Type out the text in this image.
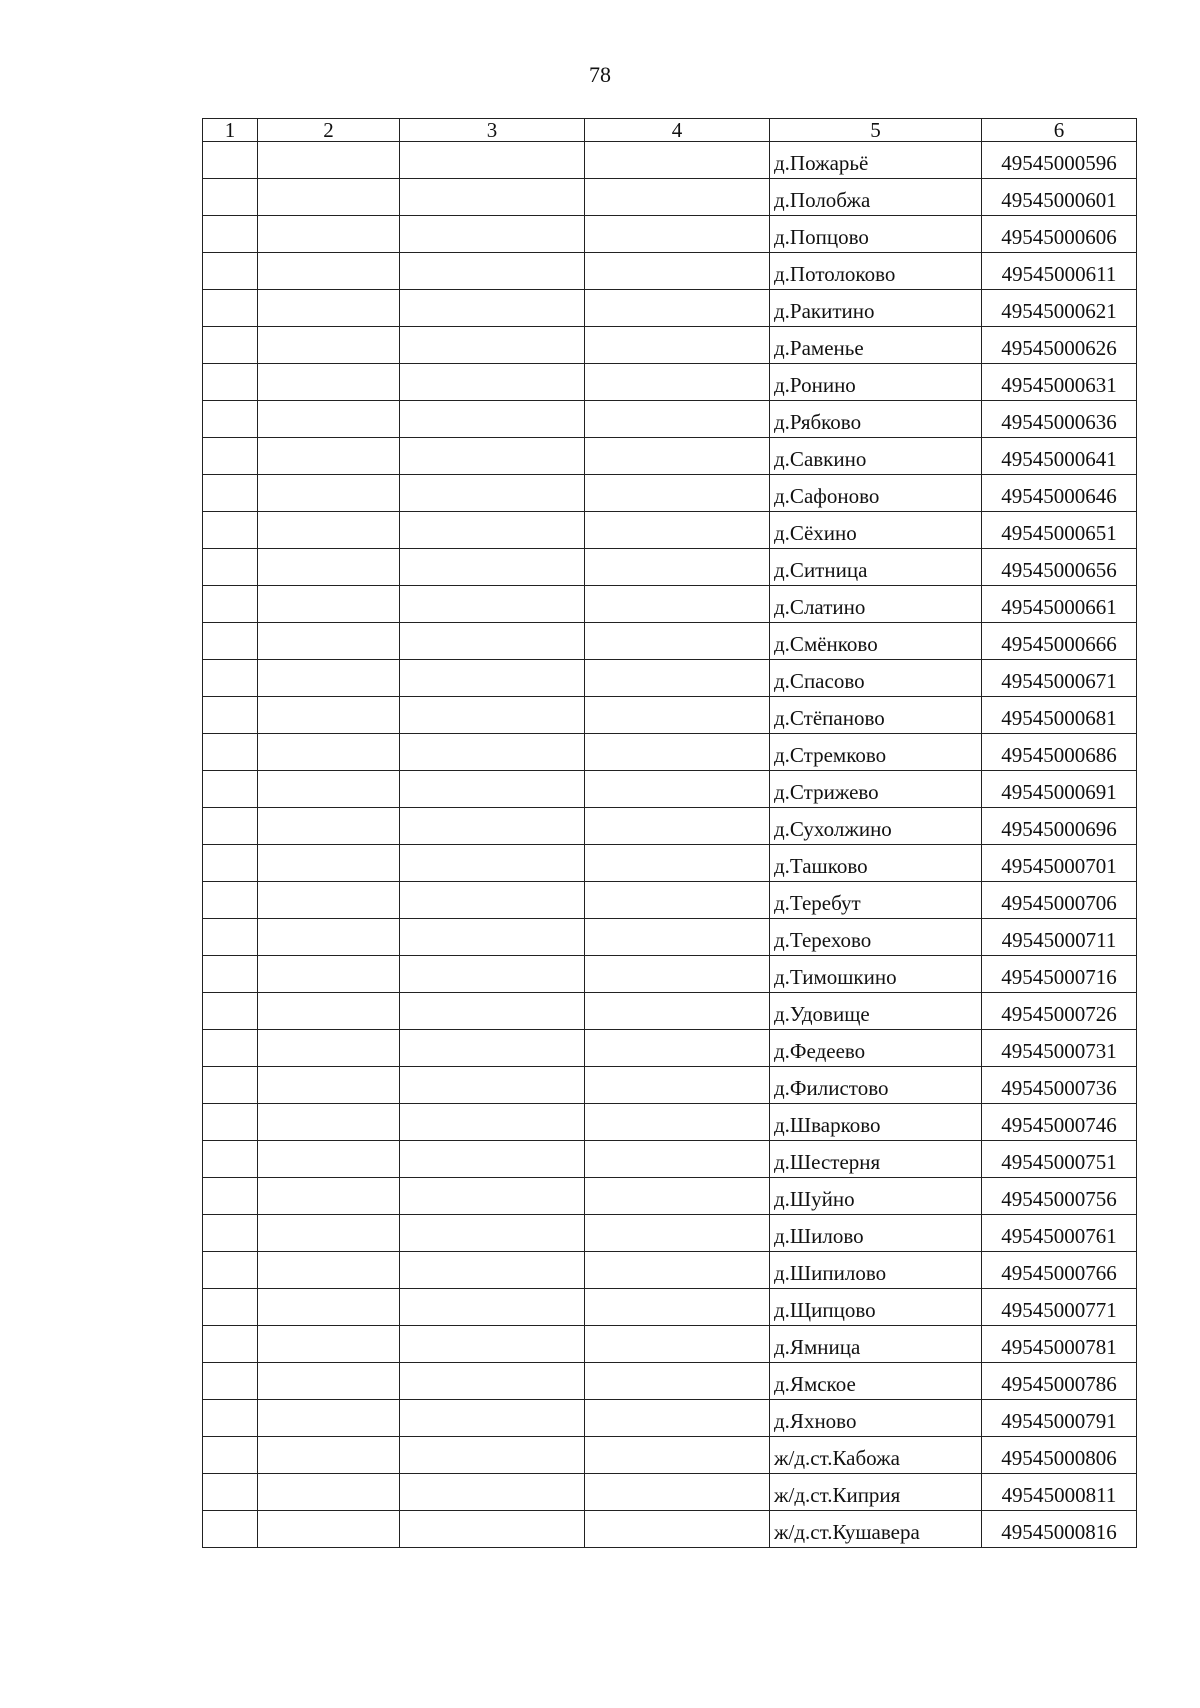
78
1	2	3	4	5	6
				д.Пожарьё	49545000596
				д.Полобжа	49545000601
				д.Попцово	49545000606
				д.Потолоково	49545000611
				д.Ракитино	49545000621
				д.Раменье	49545000626
				д.Ронино	49545000631
				д.Рябково	49545000636
				д.Савкино	49545000641
				д.Сафоново	49545000646
				д.Сёхино	49545000651
				д.Ситница	49545000656
				д.Слатино	49545000661
				д.Смёнково	49545000666
				д.Спасово	49545000671
				д.Стёпаново	49545000681
				д.Стремково	49545000686
				д.Стрижево	49545000691
				д.Сухолжино	49545000696
				д.Ташково	49545000701
				д.Теребут	49545000706
				д.Терехово	49545000711
				д.Тимошкино	49545000716
				д.Удовище	49545000726
				д.Федеево	49545000731
				д.Филистово	49545000736
				д.Шварково	49545000746
				д.Шестерня	49545000751
				д.Шуйно	49545000756
				д.Шилово	49545000761
				д.Шипилово	49545000766
				д.Щипцово	49545000771
				д.Ямница	49545000781
				д.Ямское	49545000786
				д.Яхново	49545000791
				ж/д.ст.Кабожа	49545000806
				ж/д.ст.Киприя	49545000811
				ж/д.ст.Кушавера	49545000816
